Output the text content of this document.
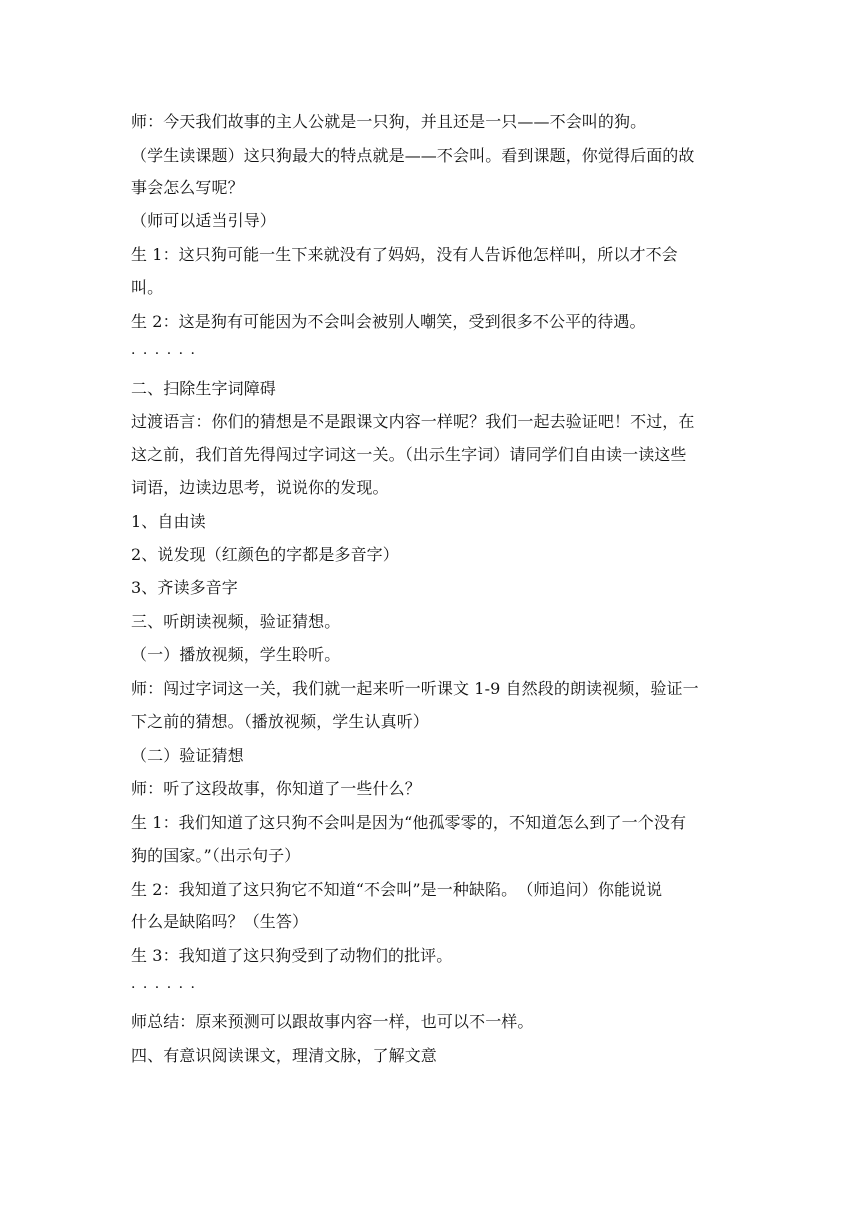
师：今天我们故事的主人公就是一只狗，并且还是一只——不会叫的狗。
（学生读课题）这只狗最大的特点就是——不会叫。看到课题，你觉得后面的故
事会怎么写呢？
（师可以适当引导）
生 1：这只狗可能一生下来就没有了妈妈，没有人告诉他怎样叫，所以才不会
叫。
生 2：这是狗有可能因为不会叫会被别人嘲笑，受到很多不公平的待遇。
· · · · · ·
二、扫除生字词障碍
过渡语言：你们的猜想是不是跟课文内容一样呢？我们一起去验证吧！不过，在
这之前，我们首先得闯过字词这一关。（出示生字词）请同学们自由读一读这些
词语，边读边思考，说说你的发现。
1、自由读
2、说发现（红颜色的字都是多音字）
3、齐读多音字
三、听朗读视频，验证猜想。
（一）播放视频，学生聆听。
师：闯过字词这一关，我们就一起来听一听课文 1-9 自然段的朗读视频，验证一
下之前的猜想。（播放视频，学生认真听）
（二）验证猜想
师：听了这段故事，你知道了一些什么？
生 1：我们知道了这只狗不会叫是因为“他孤零零的，不知道怎么到了一个没有
狗的国家。”（出示句子）
生 2：我知道了这只狗它不知道“不会叫”是一种缺陷。　（师追问）你能说说
什么是缺陷吗？（生答）
生 3：我知道了这只狗受到了动物们的批评。
· · · · · ·
师总结：原来预测可以跟故事内容一样，也可以不一样。
四、有意识阅读课文，理清文脉，了解文意
